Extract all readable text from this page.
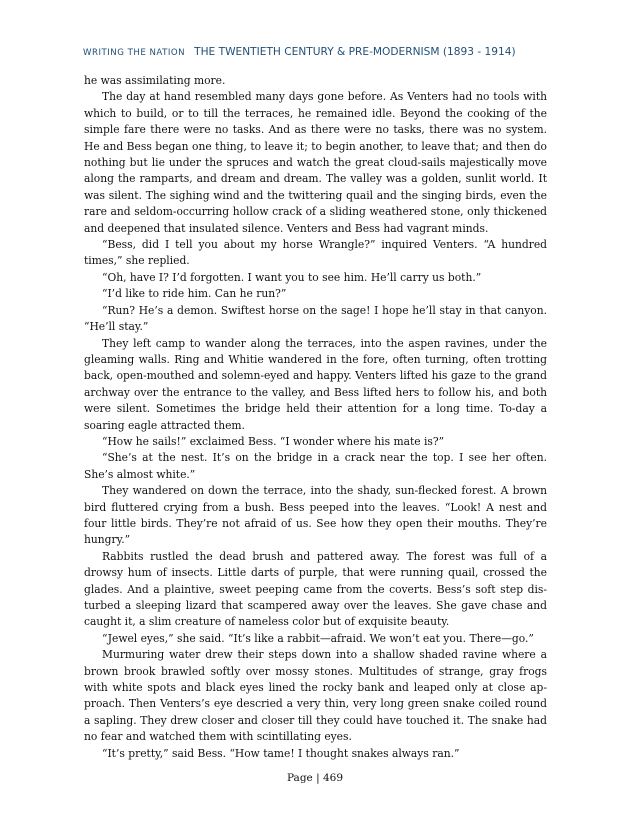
WRITING THE NATION THE TWENTIETH CENTURY & PRE-MODERNISM (1893 - 1914)

he was assimilating more.

The day at hand resembled many days gone before. As Venters had no tools with which to build, or to till the terraces, he remained idle. Beyond the cooking of the simple fare there were no tasks. And as there were no tasks, there was no system. He and Bess began one thing, to leave it; to begin another, to leave that; and then do nothing but lie under the spruces and watch the great cloud-sails majestically move along the ramparts, and dream and dream. The valley was a golden, sunlit world. It was silent. The sighing wind and the twittering quail and the singing birds, even the rare and seldom-occurring hollow crack of a sliding weathered stone, only thickened and deepened that insulated silence. Venters and Bess had vagrant minds.

“Bess, did I tell you about my horse Wrangle?” inquired Venters. “A hundred times,” she replied.

“Oh, have I? I’d forgotten. I want you to see him. He’ll carry us both.”

“I’d like to ride him. Can he run?”

“Run? He’s a demon. Swiftest horse on the sage! I hope he’ll stay in that canyon. “He’ll stay.”

They left camp to wander along the terraces, into the aspen ravines, under the gleaming walls. Ring and Whitie wandered in the fore, often turning, often trotting back, open-mouthed and solemn-eyed and happy. Venters lifted his gaze to the grand archway over the entrance to the valley, and Bess lifted hers to follow his, and both were silent. Sometimes the bridge held their attention for a long time. To-day a soaring eagle attracted them.

“How he sails!” exclaimed Bess. “I wonder where his mate is?”

“She’s at the nest. It’s on the bridge in a crack near the top. I see her often. She’s almost white.”

They wandered on down the terrace, into the shady, sun-flecked forest. A brown bird fluttered crying from a bush. Bess peeped into the leaves. “Look! A nest and four little birds. They’re not afraid of us. See how they open their mouths. They’re hungry.”

Rabbits rustled the dead brush and pattered away. The forest was full of a drowsy hum of insects. Little darts of purple, that were running quail, crossed the glades. And a plaintive, sweet peeping came from the coverts. Bess’s soft step disturbed a sleeping lizard that scampered away over the leaves. She gave chase and caught it, a slim creature of nameless color but of exquisite beauty.

“Jewel eyes,” she said. “It’s like a rabbit—afraid. We won’t eat you. There—go.”

Murmuring water drew their steps down into a shallow shaded ravine where a brown brook brawled softly over mossy stones. Multitudes of strange, gray frogs with white spots and black eyes lined the rocky bank and leaped only at close approach. Then Venters’s eye descried a very thin, very long green snake coiled round a sapling. They drew closer and closer till they could have touched it. The snake had no fear and watched them with scintillating eyes.

“It’s pretty,” said Bess. “How tame! I thought snakes always ran.”

Page | 469
